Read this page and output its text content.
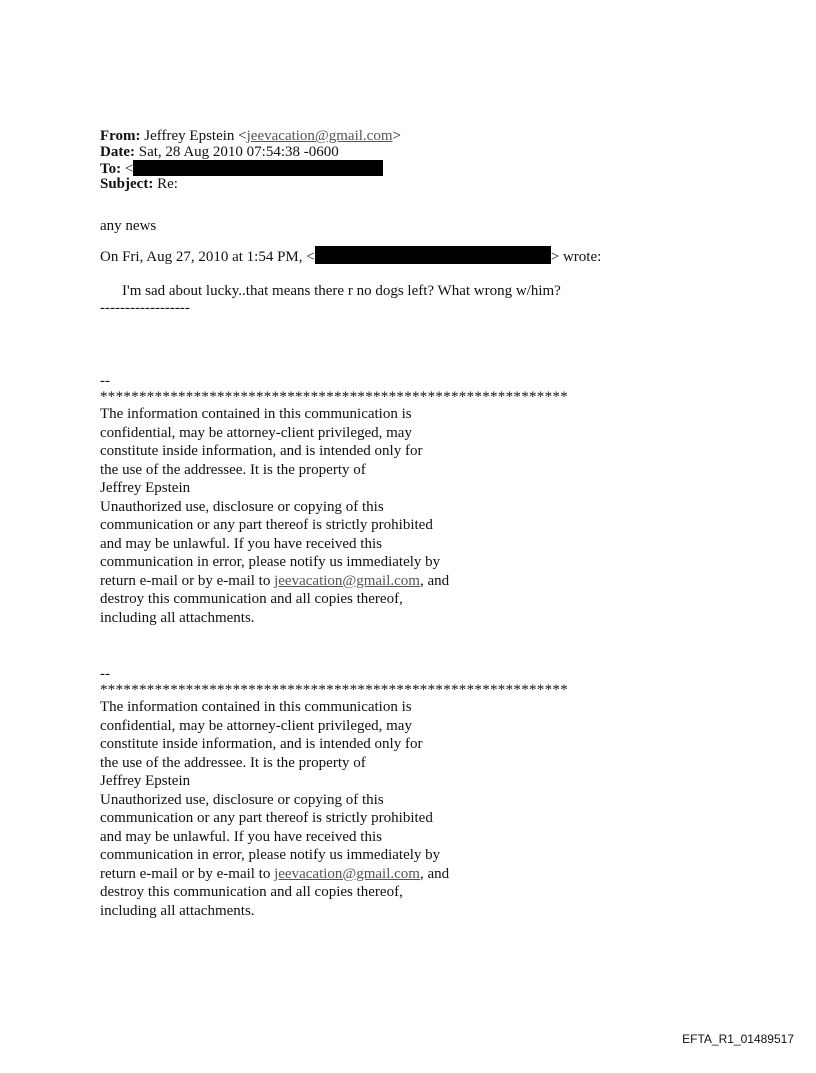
From: Jeffrey Epstein <jeevacation@gmail.com>
Date: Sat, 28 Aug 2010 07:54:38 -0600
To: <
Subject: Re:
any news
On Fri, Aug 27, 2010 at 1:54 PM, <	> wrote:
I'm sad about lucky..that means there r no dogs left? What wrong w/him?
------------------
--
************************************************************
The information contained in this communication is
confidential, may be attorney-client privileged, may
constitute inside information, and is intended only for
the use of the addressee. It is the property of
Jeffrey Epstein
Unauthorized use, disclosure or copying of this
communication or any part thereof is strictly prohibited
and may be unlawful. If you have received this
communication in error, please notify us immediately by
return e-mail or by e-mail to jeevacation@gmail.com, and
destroy this communication and all copies thereof,
including all attachments.
--
************************************************************
The information contained in this communication is
confidential, may be attorney-client privileged, may
constitute inside information, and is intended only for
the use of the addressee. It is the property of
Jeffrey Epstein
Unauthorized use, disclosure or copying of this
communication or any part thereof is strictly prohibited
and may be unlawful. If you have received this
communication in error, please notify us immediately by
return e-mail or by e-mail to jeevacation@gmail.com, and
destroy this communication and all copies thereof,
including all attachments.
EFTA_R1_01489517
